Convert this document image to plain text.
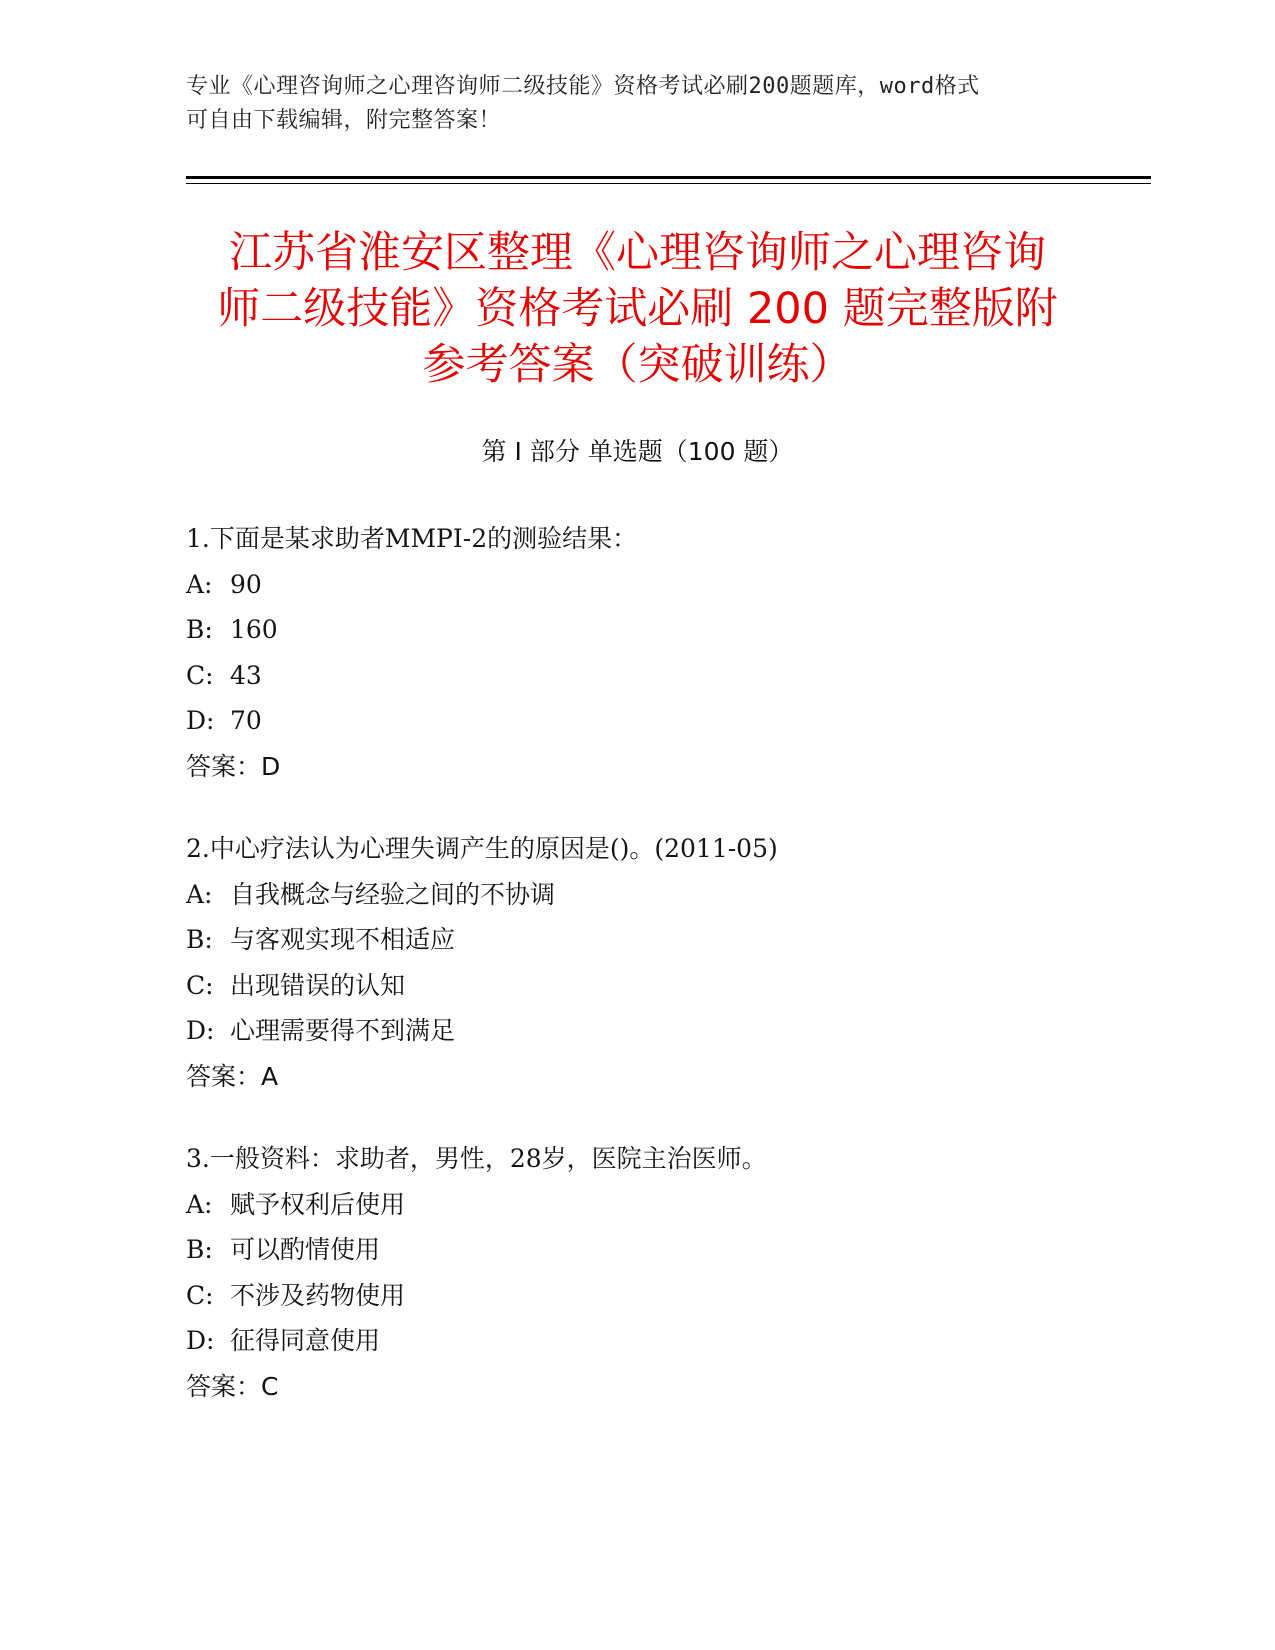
专业《心理咨询师之心理咨询师二级技能》资格考试必刷200题题库，word格式
可自由下载编辑，附完整答案！
江苏省淮安区整理《心理咨询师之心理咨询
师二级技能》资格考试必刷 200 题完整版附
参考答案（突破训练）
第 I 部分 单选题（100 题）
1.下面是某求助者MMPI-2的测验结果：
A: 90
B: 160
C: 43
D: 70
答案：D
2.中心疗法认为心理失调产生的原因是()。(2011-05)
A: 自我概念与经验之间的不协调
B: 与客观实现不相适应
C: 出现错误的认知
D: 心理需要得不到满足
答案：A
3.一般资料：求助者，男性，28岁，医院主治医师。
A: 赋予权利后使用
B: 可以酌情使用
C: 不涉及药物使用
D: 征得同意使用
答案：C
